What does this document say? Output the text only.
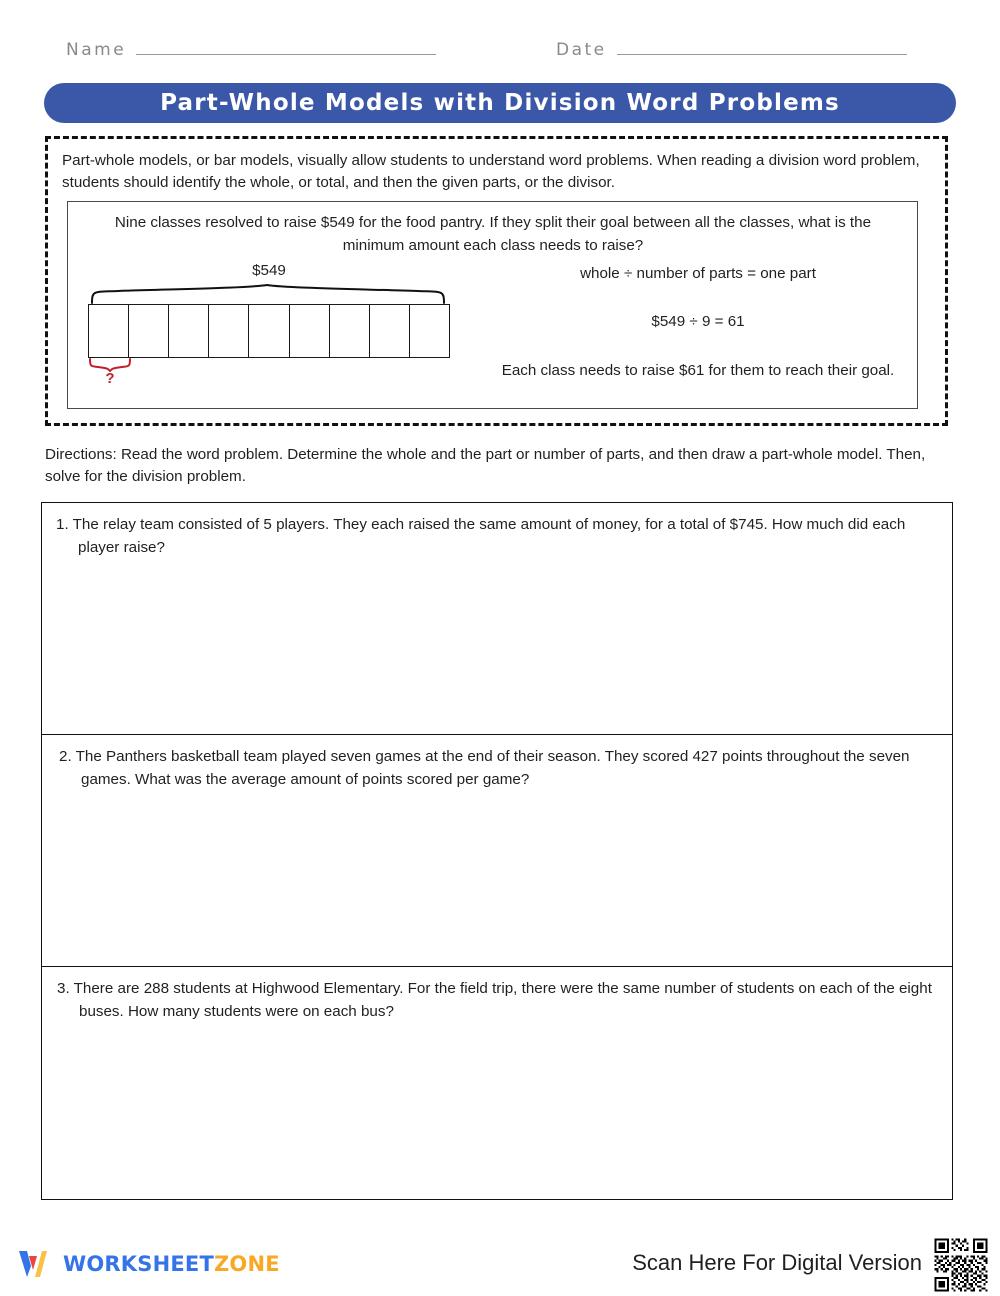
Name	Date
Part-Whole Models with Division Word Problems
Part-whole models, or bar models, visually allow students to understand word problems. When reading a division word problem, students should identify the whole, or total, and then the given parts, or the divisor.
Nine classes resolved to raise $549 for the food pantry. If they split their goal between all the classes, what is the minimum amount each class needs to raise?
$549
?
whole ÷ number of parts = one part
$549 ÷ 9 = 61
Each class needs to raise $61 for them to reach their goal.
Directions: Read the word problem. Determine the whole and the part or number of parts, and then draw a part-whole model. Then, solve for the division problem.
1. The relay team consisted of 5 players. They each raised the same amount of money, for a total of $745. How much did each player raise?
2. The Panthers basketball team played seven games at the end of their season. They scored 427 points throughout the seven games. What was the average amount of points scored per game?
3. There are 288 students at Highwood Elementary. For the field trip, there were the same number of students on each of the eight buses. How many students were on each bus?
WORKSHEETZONE	Scan Here For Digital Version
